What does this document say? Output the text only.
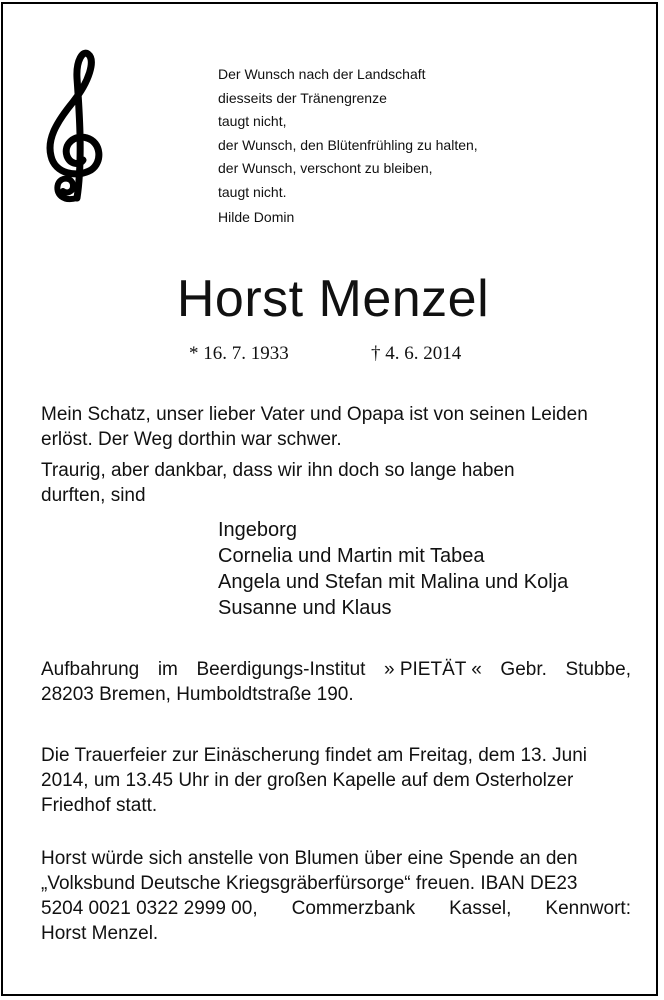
Der Wunsch nach der Landschaft
diesseits der Tränengrenze
taugt nicht,
der Wunsch, den Blütenfrühling zu halten,
der Wunsch, verschont zu bleiben,
taugt nicht.
Hilde Domin
Horst Menzel
* 16. 7. 1933	† 4. 6. 2014
Mein Schatz, unser lieber Vater und Opapa ist von seinen Leiden
erlöst. Der Weg dorthin war schwer.
Traurig, aber dankbar, dass wir ihn doch so lange haben
durften, sind
Ingeborg
Cornelia und Martin mit Tabea
Angela und Stefan mit Malina und Kolja
Susanne und Klaus
Aufbahrung im Beerdigungs-Institut » PIETÄT « Gebr. Stubbe,
28203 Bremen, Humboldtstraße 190.
Die Trauerfeier zur Einäscherung findet am Freitag, dem 13. Juni
2014, um 13.45 Uhr in der großen Kapelle auf dem Osterholzer
Friedhof statt.
Horst würde sich anstelle von Blumen über eine Spende an den
„Volksbund Deutsche Kriegsgräberfürsorge“ freuen. IBAN DE23
5204 0021 0322 2999 00, Commerzbank Kassel, Kennwort:
Horst Menzel.
